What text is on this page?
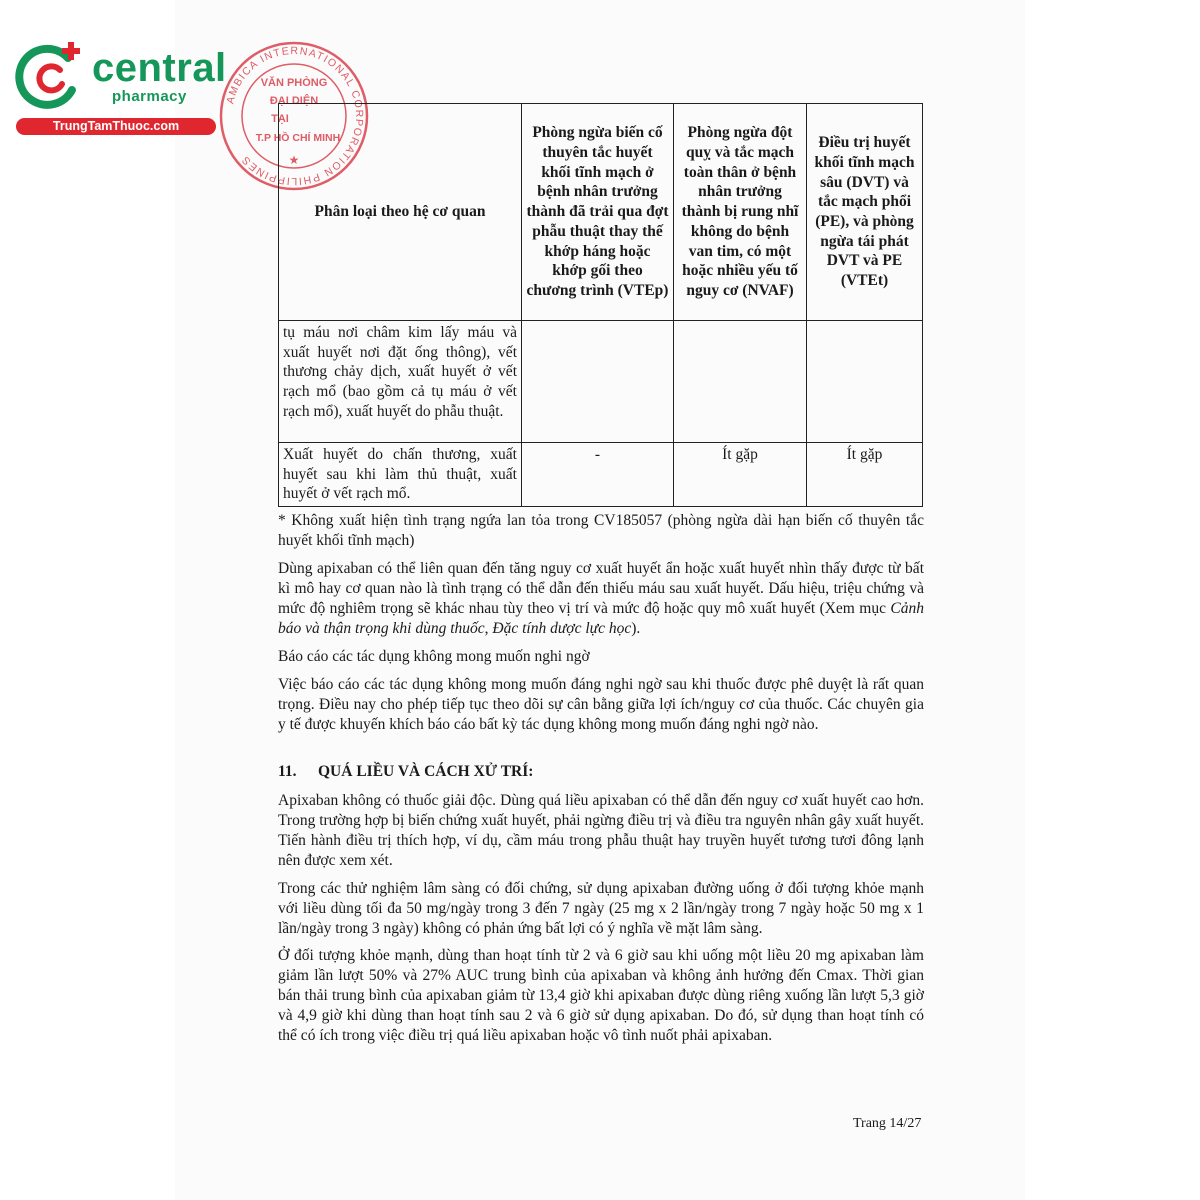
central
pharmacy
TrungTamThuoc.com
AMBICA INTERNATIONAL CORPORATION PHILIPPINES
VĂN PHÒNG
ĐẠI DIỆN
TẠI
T.P HỒ CHÍ MINH
★
Phân loại theo hệ cơ quan	Phòng ngừa biến cố thuyên tắc huyết khối tĩnh mạch ở bệnh nhân trưởng thành đã trải qua đợt phẫu thuật thay thế khớp háng hoặc khớp gối theo chương trình (VTEp)	Phòng ngừa đột quỵ và tắc mạch toàn thân ở bệnh nhân trưởng thành bị rung nhĩ không do bệnh van tim, có một hoặc nhiều yếu tố nguy cơ (NVAF)	Điều trị huyết khối tĩnh mạch sâu (DVT) và tắc mạch phổi (PE), và phòng ngừa tái phát DVT và PE (VTEt)
tụ máu nơi châm kim lấy máu và xuất huyết nơi đặt ống thông), vết thương chảy dịch, xuất huyết ở vết rạch mổ (bao gồm cả tụ máu ở vết rạch mổ), xuất huyết do phẫu thuật.			
Xuất huyết do chấn thương, xuất huyết sau khi làm thủ thuật, xuất huyết ở vết rạch mổ.	-	Ít gặp	Ít gặp

* Không xuất hiện tình trạng ngứa lan tỏa trong CV185057 (phòng ngừa dài hạn biến cố thuyên tắc huyết khối tĩnh mạch)

Dùng apixaban có thể liên quan đến tăng nguy cơ xuất huyết ẩn hoặc xuất huyết nhìn thấy được từ bất kì mô hay cơ quan nào là tình trạng có thể dẫn đến thiếu máu sau xuất huyết. Dấu hiệu, triệu chứng và mức độ nghiêm trọng sẽ khác nhau tùy theo vị trí và mức độ hoặc quy mô xuất huyết (Xem mục Cảnh báo và thận trọng khi dùng thuốc, Đặc tính dược lực học).

Báo cáo các tác dụng không mong muốn nghi ngờ

Việc báo cáo các tác dụng không mong muốn đáng nghi ngờ sau khi thuốc được phê duyệt là rất quan trọng. Điều nay cho phép tiếp tục theo dõi sự cân bằng giữa lợi ích/nguy cơ của thuốc. Các chuyên gia y tế được khuyến khích báo cáo bất kỳ tác dụng không mong muốn đáng nghi ngờ nào.

11. QUÁ LIỀU VÀ CÁCH XỬ TRÍ:

Apixaban không có thuốc giải độc. Dùng quá liều apixaban có thể dẫn đến nguy cơ xuất huyết cao hơn. Trong trường hợp bị biến chứng xuất huyết, phải ngừng điều trị và điều tra nguyên nhân gây xuất huyết. Tiến hành điều trị thích hợp, ví dụ, cầm máu trong phẫu thuật hay truyền huyết tương tươi đông lạnh nên được xem xét.

Trong các thử nghiệm lâm sàng có đối chứng, sử dụng apixaban đường uống ở đối tượng khỏe mạnh với liều dùng tối đa 50 mg/ngày trong 3 đến 7 ngày (25 mg x 2 lần/ngày trong 7 ngày hoặc 50 mg x 1 lần/ngày trong 3 ngày) không có phản ứng bất lợi có ý nghĩa về mặt lâm sàng.

Ở đối tượng khỏe mạnh, dùng than hoạt tính từ 2 và 6 giờ sau khi uống một liều 20 mg apixaban làm giảm lần lượt 50% và 27% AUC trung bình của apixaban và không ảnh hưởng đến Cmax. Thời gian bán thải trung bình của apixaban giảm từ 13,4 giờ khi apixaban được dùng riêng xuống lần lượt 5,3 giờ và 4,9 giờ khi dùng than hoạt tính sau 2 và 6 giờ sử dụng apixaban. Do đó, sử dụng than hoạt tính có thể có ích trong việc điều trị quá liều apixaban hoặc vô tình nuốt phải apixaban.

Trang 14/27
